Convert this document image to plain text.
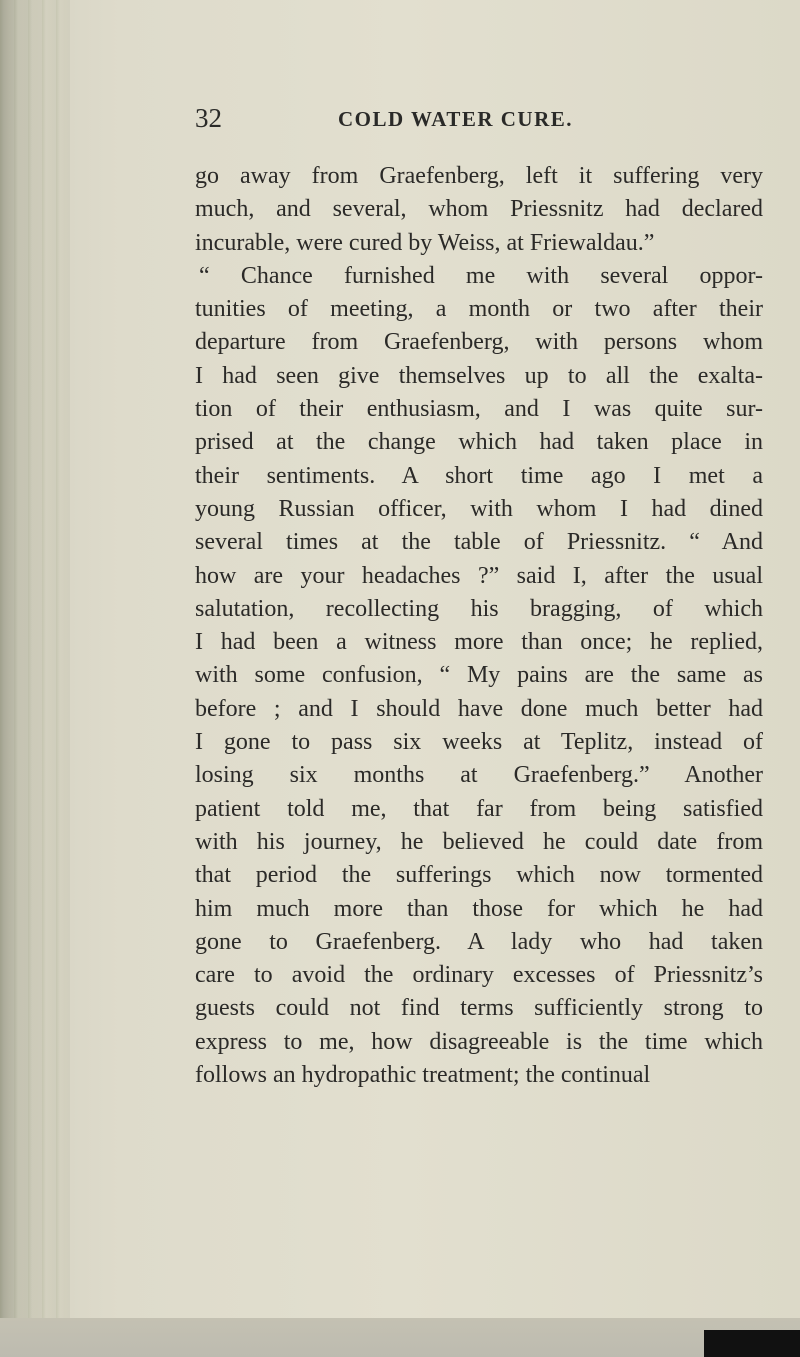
32	COLD WATER CURE.
go away from Graefenberg, left it suffering very
much, and several, whom Priessnitz had declared
incurable, were cured by Weiss, at Friewaldau.”
“ Chance furnished me with several oppor-
tunities of meeting, a month or two after their
departure from Graefenberg, with persons whom
I had seen give themselves up to all the exalta-
tion of their enthusiasm, and I was quite sur-
prised at the change which had taken place in
their sentiments. A short time ago I met a
young Russian officer, with whom I had dined
several times at the table of Priessnitz. “ And
how are your headaches ?” said I, after the usual
salutation, recollecting his bragging, of which
I had been a witness more than once; he replied,
with some confusion, “ My pains are the same as
before ; and I should have done much better had
I gone to pass six weeks at Teplitz, instead of
losing six months at Graefenberg.” Another
patient told me, that far from being satisfied
with his journey, he believed he could date from
that period the sufferings which now tormented
him much more than those for which he had
gone to Graefenberg. A lady who had taken
care to avoid the ordinary excesses of Priessnitz’s
guests could not find terms sufficiently strong to
express to me, how disagreeable is the time which
follows an hydropathic treatment; the continual
